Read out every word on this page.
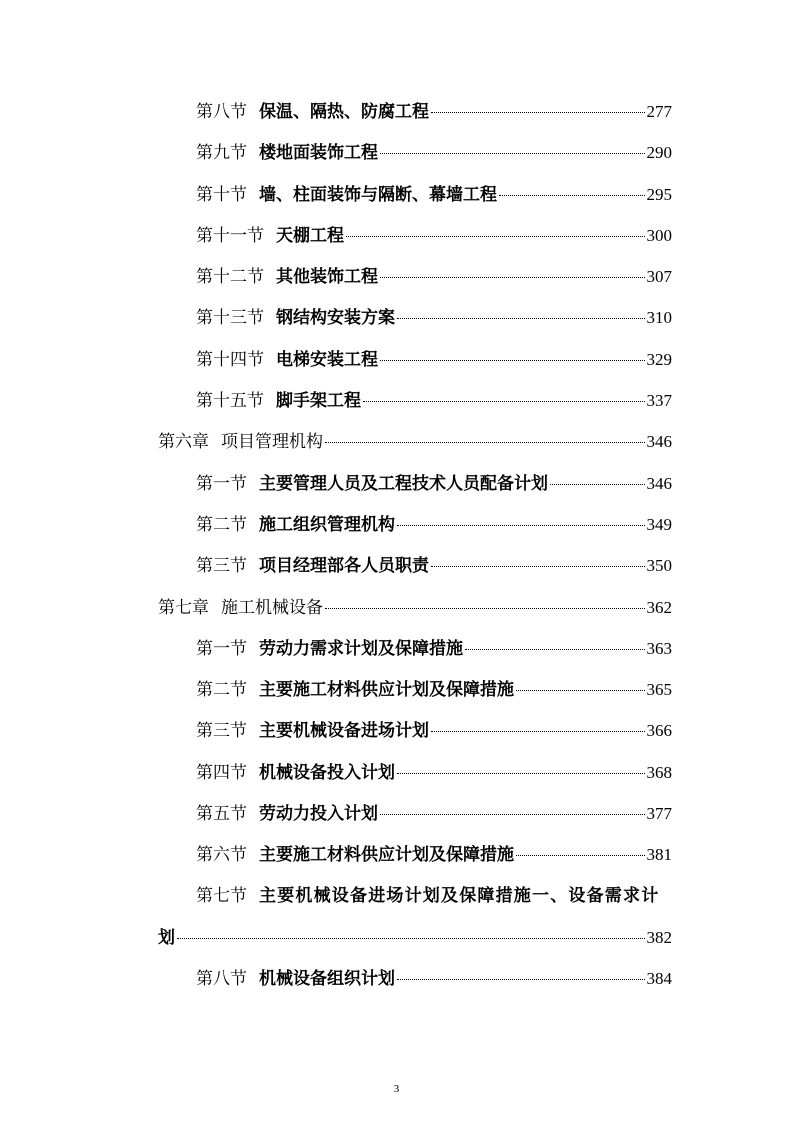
第八节 保温、隔热、防腐工程	277
第九节 楼地面装饰工程	290
第十节 墙、柱面装饰与隔断、幕墙工程	295
第十一节 天棚工程	300
第十二节 其他装饰工程	307
第十三节 钢结构安装方案	310
第十四节 电梯安装工程	329
第十五节 脚手架工程	337
第六章 项目管理机构	346
第一节 主要管理人员及工程技术人员配备计划	346
第二节 施工组织管理机构	349
第三节 项目经理部各人员职责	350
第七章 施工机械设备	362
第一节 劳动力需求计划及保障措施	363
第二节 主要施工材料供应计划及保障措施	365
第三节 主要机械设备进场计划	366
第四节 机械设备投入计划	368
第五节 劳动力投入计划	377
第六节 主要施工材料供应计划及保障措施	381
第七节 主要机械设备进场计划及保障措施一、设备需求计
划	382
第八节 机械设备组织计划	384
3
